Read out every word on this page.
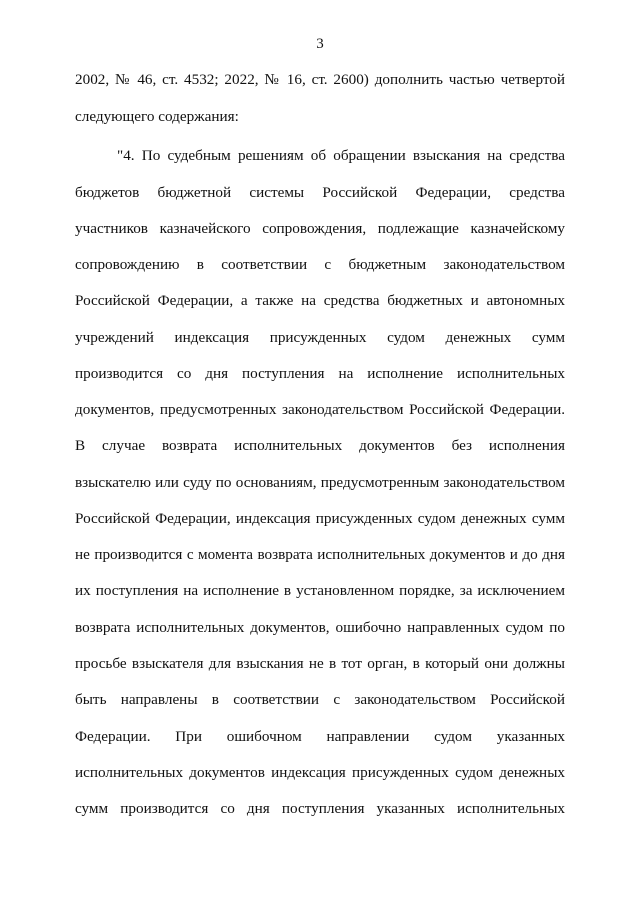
3
2002, № 46, ст. 4532; 2022, № 16, ст. 2600) дополнить частью четвертой
следующего содержания:
"4. По судебным решениям об обращении взыскания на средства
бюджетов бюджетной системы Российской Федерации, средства
участников казначейского сопровождения, подлежащие казначейскому
сопровождению в соответствии с бюджетным законодательством
Российской Федерации, а также на средства бюджетных и автономных
учреждений индексация присужденных судом денежных сумм
производится со дня поступления на исполнение исполнительных
документов, предусмотренных законодательством Российской Федерации.
В случае возврата исполнительных документов без исполнения
взыскателю или суду по основаниям, предусмотренным законодательством
Российской Федерации, индексация присужденных судом денежных сумм
не производится с момента возврата исполнительных документов и до дня
их поступления на исполнение в установленном порядке, за исключением
возврата исполнительных документов, ошибочно направленных судом по
просьбе взыскателя для взыскания не в тот орган, в который они должны
быть направлены в соответствии с законодательством Российской
Федерации. При ошибочном направлении судом указанных
исполнительных документов индексация присужденных судом денежных
сумм производится со дня поступления указанных исполнительных
